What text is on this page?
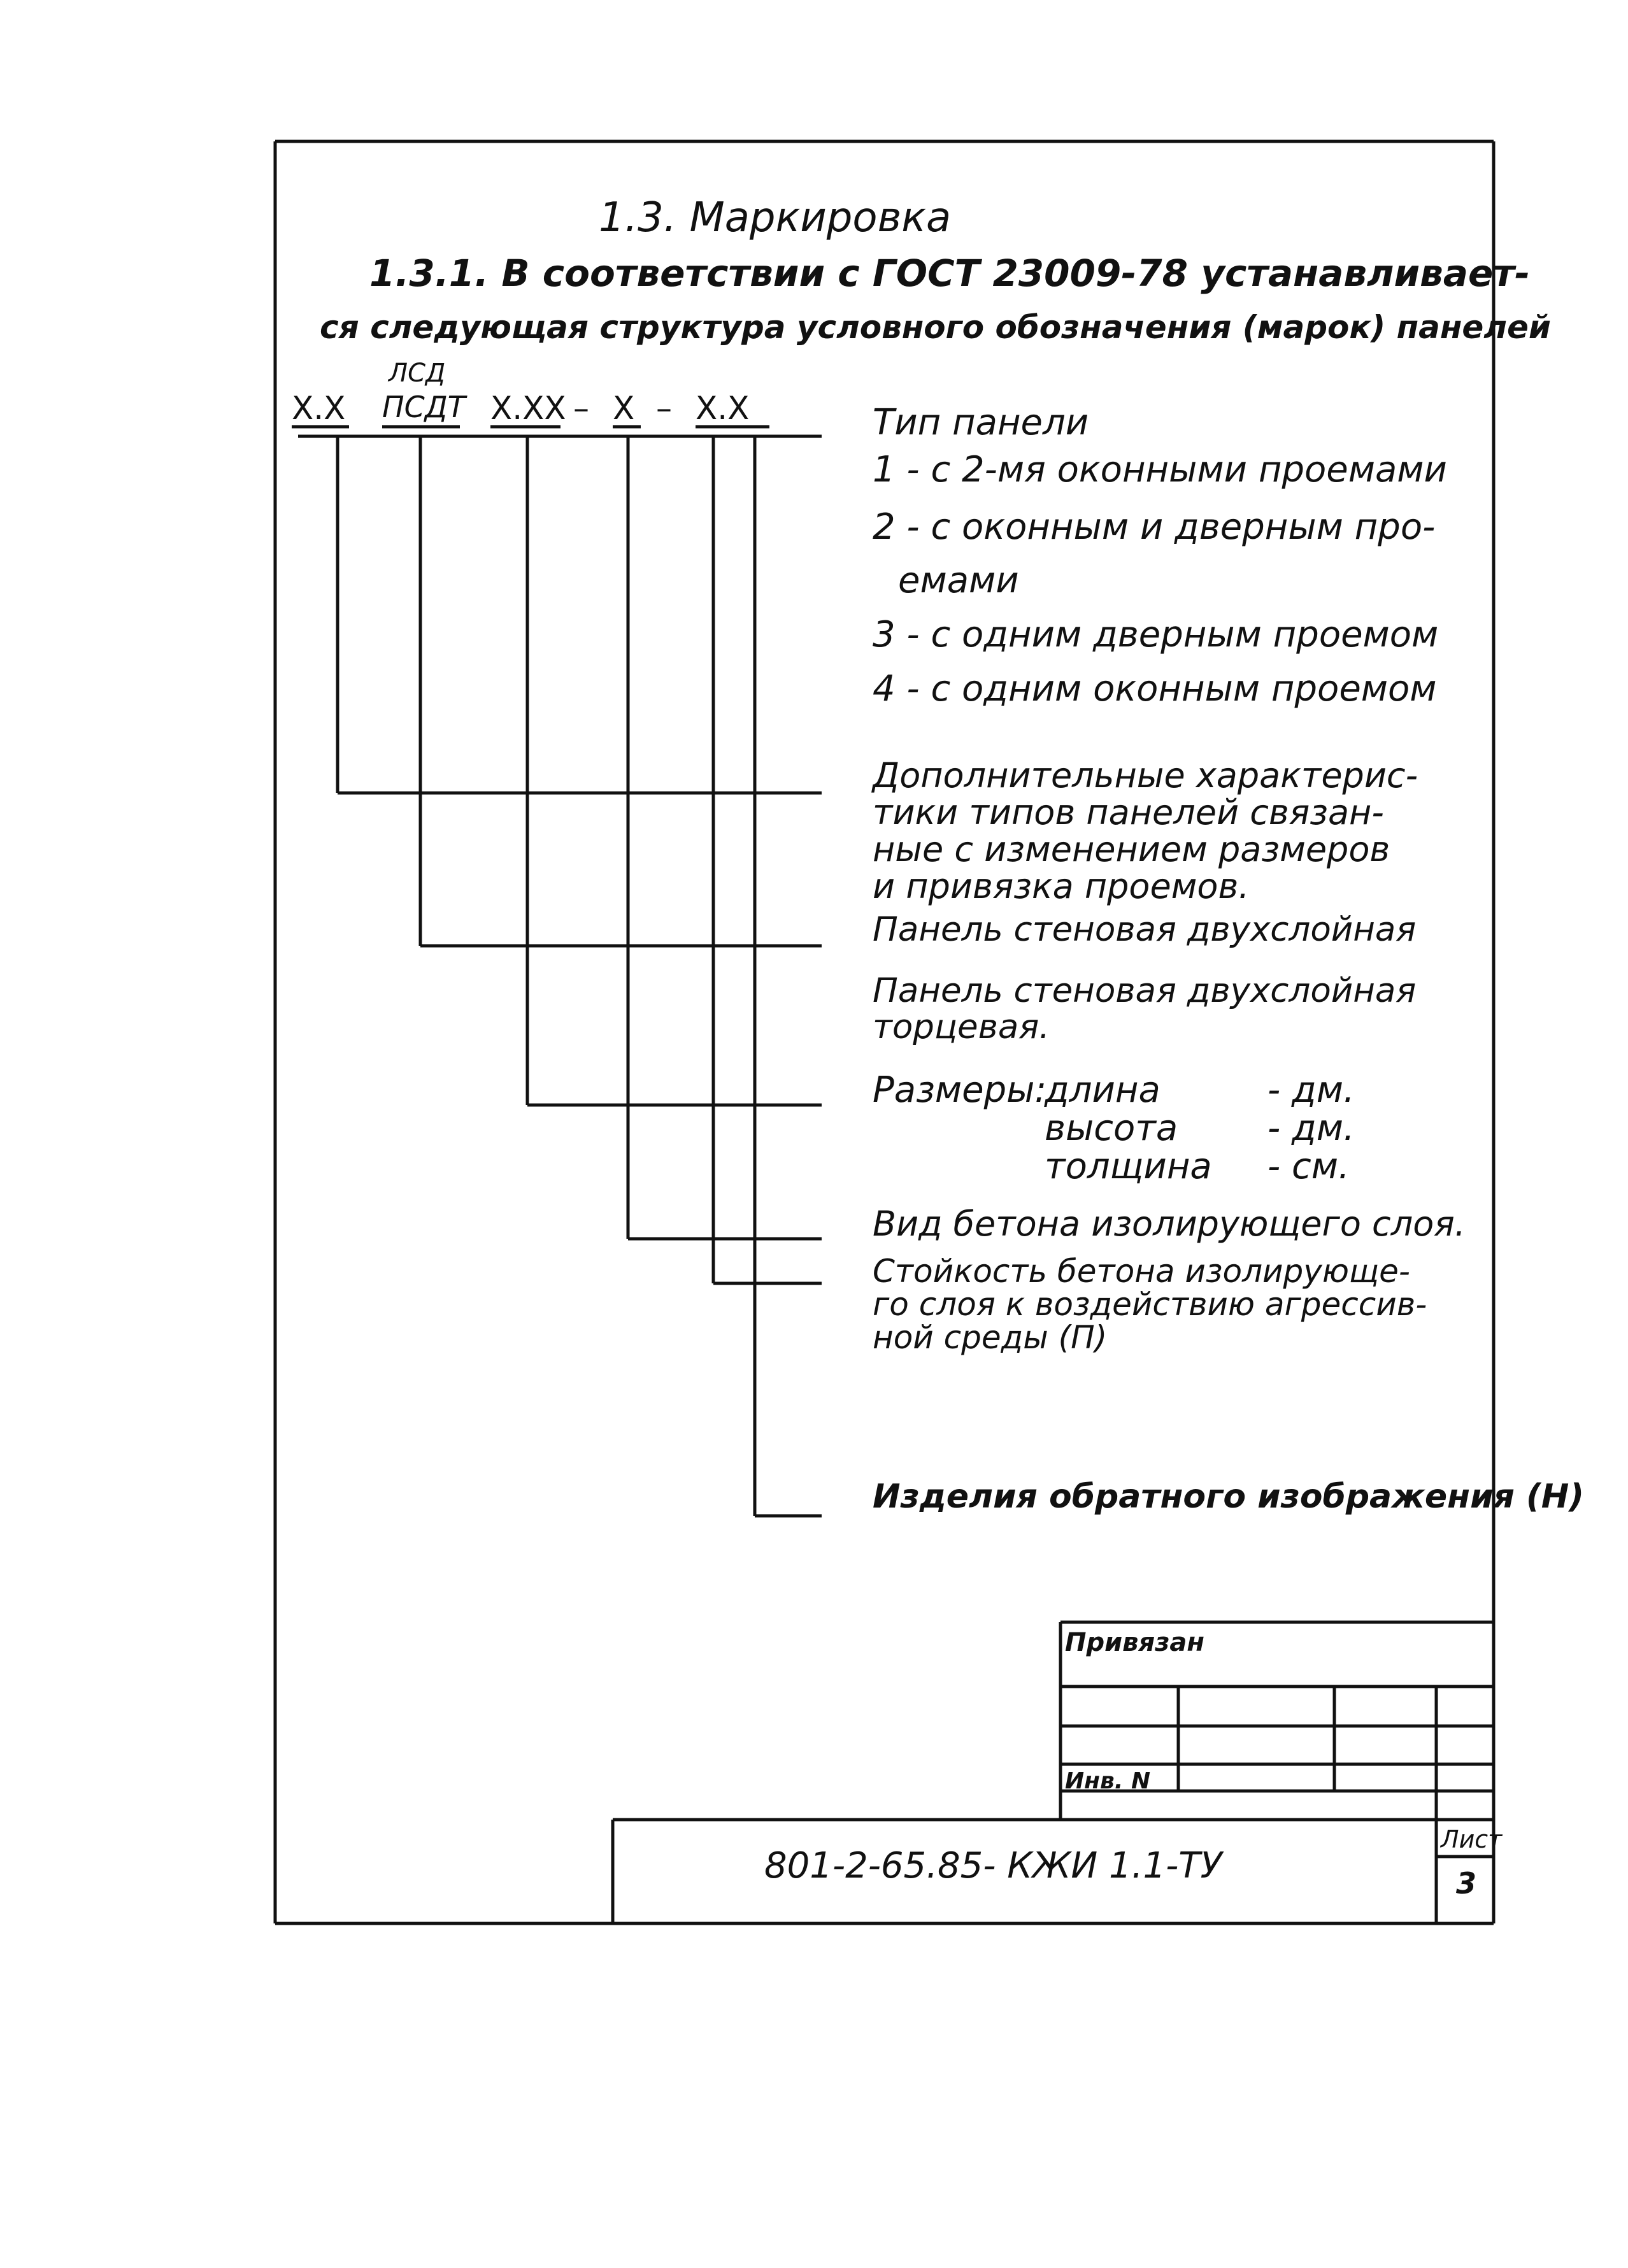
1.3. Маркировка
1.3.1. В соответствии с ГОСТ 23009-78 устанавливает-
ся следующая структура условного обозначения (марок) панелей
ЛСД
Х.Х ПСДТ Х.ХХ – Х – Х.Х	Тип панели
1 - с 2-мя оконными проемами
2 - с оконным и дверным про-
емами
3 - с одним дверным проемом
4 - с одним оконным проемом
Дополнительные характерис-
тики типов панелей связан-
ные с изменением размеров
и привязка проемов.
Панель стеновая двухслойная
Панель стеновая двухслойная
торцевая.
Размеры:
длина	- дм.
высота	- дм.
толщина - см.
Вид бетона изолирующего слоя.
Стойкость бетона изолирующе-
го слоя к воздействию агрессив-
ной среды (П)
Изделия обратного изображения (Н)
Привязан
Инв. N
801-2-65.85- КЖИ 1.1-ТУ
Лист
3
